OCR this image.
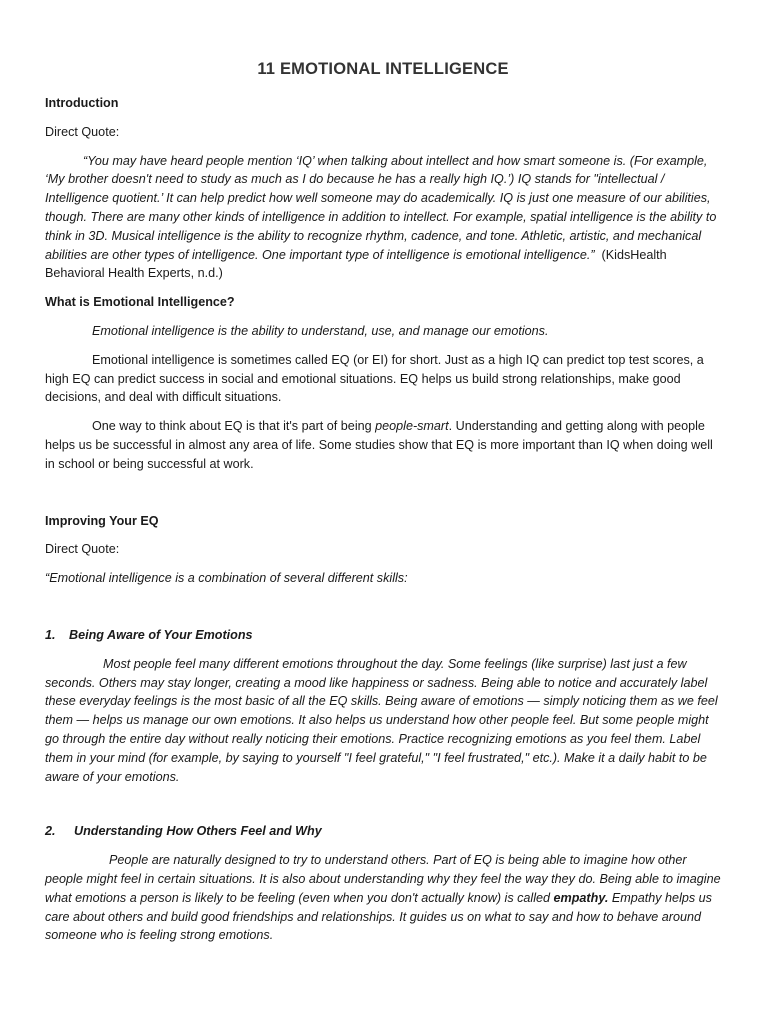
11 EMOTIONAL INTELLIGENCE
Introduction
Direct Quote:

“You may have heard people mention ‘IQ’ when talking about intellect and how smart someone is. (For example, ‘My brother doesn't need to study as much as I do because he has a really high IQ.’) IQ stands for "intellectual / Intelligence quotient.’ It can help predict how well someone may do academically. IQ is just one measure of our abilities, though. There are many other kinds of intelligence in addition to intellect. For example, spatial intelligence is the ability to think in 3D. Musical intelligence is the ability to recognize rhythm, cadence, and tone. Athletic, artistic, and mechanical abilities are other types of intelligence. One important type of intelligence is emotional intelligence.” (KidsHealth Behavioral Health Experts, n.d.)

What is Emotional Intelligence?

Emotional intelligence is the ability to understand, use, and manage our emotions.

Emotional intelligence is sometimes called EQ (or EI) for short. Just as a high IQ can predict top test scores, a high EQ can predict success in social and emotional situations. EQ helps us build strong relationships, make good decisions, and deal with difficult situations.

One way to think about EQ is that it's part of being people-smart. Understanding and getting along with people helps us be successful in almost any area of life. Some studies show that EQ is more important than IQ when doing well in school or being successful at work.

Improving Your EQ
Direct Quote:

“Emotional intelligence is a combination of several different skills:

1. Being Aware of Your Emotions

Most people feel many different emotions throughout the day. Some feelings (like surprise) last just a few seconds. Others may stay longer, creating a mood like happiness or sadness. Being able to notice and accurately label these everyday feelings is the most basic of all the EQ skills. Being aware of emotions — simply noticing them as we feel them — helps us manage our own emotions. It also helps us understand how other people feel. But some people might go through the entire day without really noticing their emotions. Practice recognizing emotions as you feel them. Label them in your mind (for example, by saying to yourself "I feel grateful," "I feel frustrated," etc.). Make it a daily habit to be aware of your emotions.

2. Understanding How Others Feel and Why

People are naturally designed to try to understand others. Part of EQ is being able to imagine how other people might feel in certain situations. It is also about understanding why they feel the way they do. Being able to imagine what emotions a person is likely to be feeling (even when you don't actually know) is called empathy. Empathy helps us care about others and build good friendships and relationships. It guides us on what to say and how to behave around someone who is feeling strong emotions.
